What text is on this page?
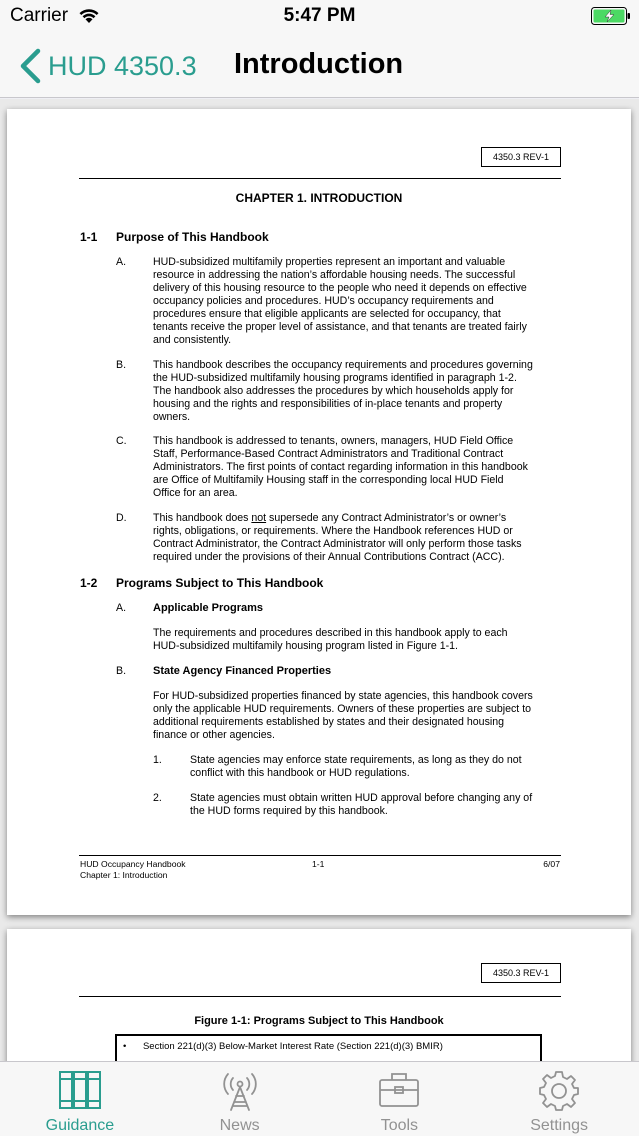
Carrier	5:47 PM
HUD 4350.3 Introduction
4350.3 REV-1
CHAPTER 1. INTRODUCTION
1-1 Purpose of This Handbook
A.	HUD-subsidized multifamily properties represent an important and valuable
resource in addressing the nation’s affordable housing needs. The successful
delivery of this housing resource to the people who need it depends on effective
occupancy policies and procedures. HUD’s occupancy requirements and
procedures ensure that eligible applicants are selected for occupancy, that
tenants receive the proper level of assistance, and that tenants are treated fairly
and consistently.
B.	This handbook describes the occupancy requirements and procedures governing
the HUD-subsidized multifamily housing programs identified in paragraph 1-2.
The handbook also addresses the procedures by which households apply for
housing and the rights and responsibilities of in-place tenants and property
owners.
C. This handbook is addressed to tenants, owners, managers, HUD Field Office
Staff, Performance-Based Contract Administrators and Traditional Contract
Administrators. The first points of contact regarding information in this handbook
are Office of Multifamily Housing staff in the corresponding local HUD Field
Office for an area.
D. This handbook does not supersede any Contract Administrator’s or owner’s
rights, obligations, or requirements. Where the Handbook references HUD or
Contract Administrator, the Contract Administrator will only perform those tasks
required under the provisions of their Annual Contributions Contract (ACC).
1-2 Programs Subject to This Handbook
A. Applicable Programs
The requirements and procedures described in this handbook apply to each
HUD-subsidized multifamily housing program listed in Figure 1-1.
B. State Agency Financed Properties
For HUD-subsidized properties financed by state agencies, this handbook covers
only the applicable HUD requirements. Owners of these properties are subject to
additional requirements established by states and their designated housing
finance or other agencies.
1.	State agencies may enforce state requirements, as long as they do not
conflict with this handbook or HUD regulations.
2.	State agencies must obtain written HUD approval before changing any of
the HUD forms required by this handbook.
HUD Occupancy Handbook
Chapter 1: Introduction
1-1	6/07
4350.3 REV-1
Figure 1-1: Programs Subject to This Handbook
• Section 221(d)(3) Below-Market Interest Rate (Section 221(d)(3) BMIR)
Guidance	News	Tools	Settings
